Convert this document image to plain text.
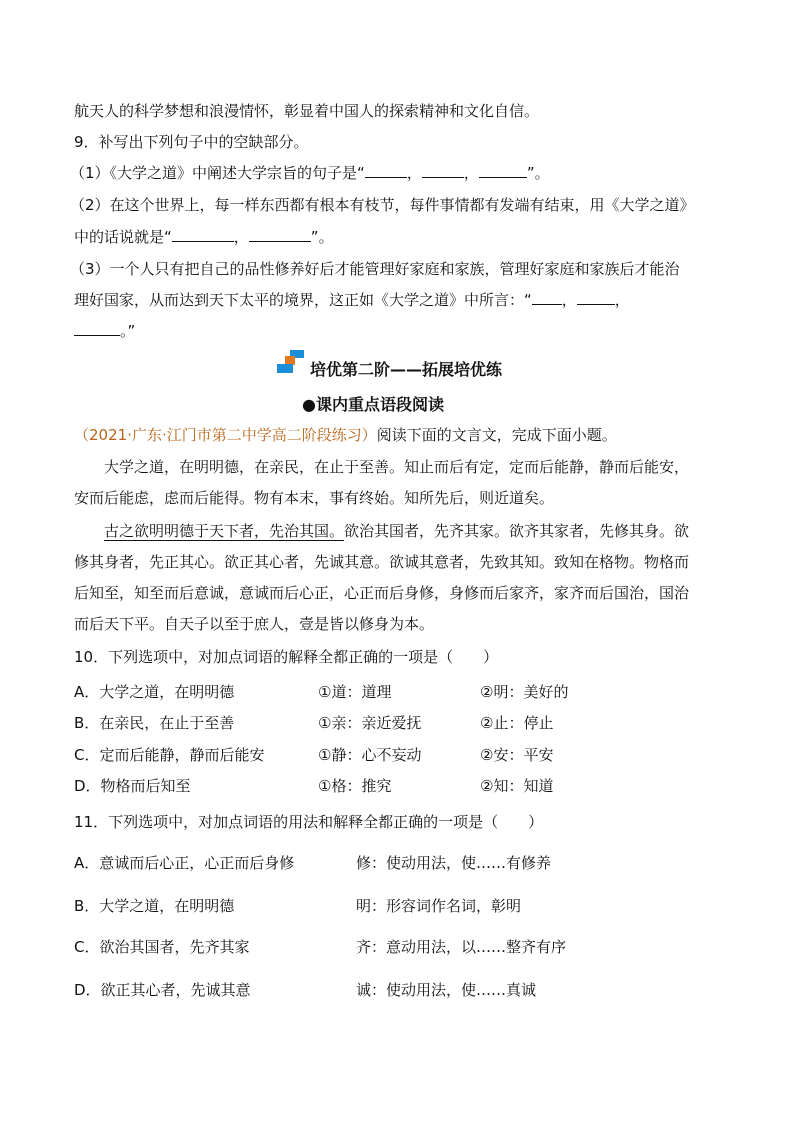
航天人的科学梦想和浪漫情怀，彰显着中国人的探索精神和文化自信。
9．补写出下列句子中的空缺部分。
（1）《大学之道》中阐述大学宗旨的句子是“	，	，	”。
（2）在这个世界上，每一样东西都有根本有枝节，每件事情都有发端有结束，用《大学之道》
中的话说就是“	，	”。
（3）一个人只有把自己的品性修养好后才能管理好家庭和家族，管理好家庭和家族后才能治
理好国家，从而达到天下太平的境界，这正如《大学之道》中所言：“ ，	，
。”
培优第二阶——拓展培优练
●课内重点语段阅读
（2021·广东·江门市第二中学高二阶段练习）阅读下面的文言文，完成下面小题。
大学之道，在明明德，在亲民，在止于至善。知止而后有定，定而后能静，静而后能安，
安而后能虑，虑而后能得。物有本末，事有终始。知所先后，则近道矣。
古之欲明明德于天下者，先治其国。欲治其国者，先齐其家。欲齐其家者，先修其身。欲
修其身者，先正其心。欲正其心者，先诚其意。欲诚其意者，先致其知。致知在格物。物格而
后知至，知至而后意诚，意诚而后心正，心正而后身修，身修而后家齐，家齐而后国治，国治
而后天下平。自天子以至于庶人，壹是皆以修身为本。
10．下列选项中，对加点词语的解释全都正确的一项是（　　）
A．大学之道，在明明德	①道：道理	②明：美好的
B．在亲民，在止于至善	①亲：亲近爱抚	②止：停止
C．定而后能静，静而后能安	①静：心不妄动	②安：平安
D．物格而后知至	①格：推究	②知：知道
11．下列选项中，对加点词语的用法和解释全都正确的一项是（　　）
A．意诚而后心正，心正而后身修	修：使动用法，使……有修养
B．大学之道，在明明德	明：形容词作名词，彰明
C．欲治其国者，先齐其家	齐：意动用法，以……整齐有序
D．欲正其心者，先诚其意	诚：使动用法，使……真诚
